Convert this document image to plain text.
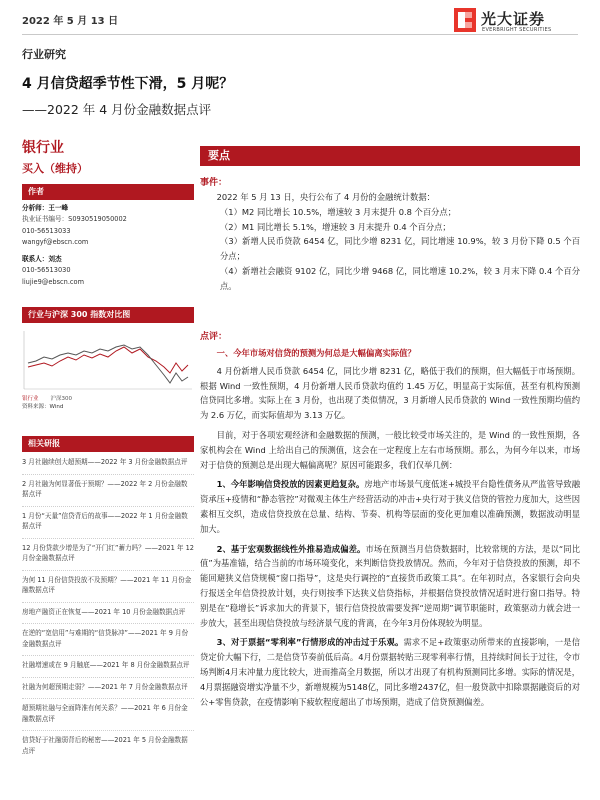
2022 年 5 月 13 日	光大证券
EVERBRIGHT SECURITIES
行业研究
4 月信贷超季节性下滑，5 月呢？
——2022 年 4 月份金融数据点评
银行业
买入（维持）
作者
分析师：王一峰
执业证书编号：S0930519050002
010-56513033
wangyf@ebscn.com
联系人：刘杰
010-56513030
liujie9@ebscn.com
行业与沪深 300 指数对比图
银行业 沪深300
资料来源：Wind
相关研报
3 月社融续创大超预期——2022 年 3 月份金融数据点评
2 月社融为何显著低于预期？——2022 年 2 月份金融数据点评
1 月份“天量”信贷背后的故事——2022 年 1 月份金融数据点评
12 月份贷款少增是为了“开门红”蓄力吗？——2021 年 12 月份金融数据点评
为何 11 月份信贷投放不及预期？——2021 年 11 月份金融数据点评
房地产融资正在恢复——2021 年 10 月份金融数据点评
在逆的“宽信用”与难期的“信贷脉冲”——2021 年 9 月份金融数据点评
社融增速或在 9 月触底——2021 年 8 月份金融数据点评
社融为何超预期走弱？——2021 年 7 月份金融数据点评
超预期社融与全面降准有何关系？——2021 年 6 月份金融数据点评
信贷好于社融弱背后的秘密——2021 年 5 月份金融数据点评
要点
事件：
2022 年 5 月 13 日，央行公布了 4 月份的金融统计数据：
（1）M2 同比增长 10.5%，增速较 3 月末提升 0.8 个百分点；
（2）M1 同比增长 5.1%，增速较 3 月末提升 0.4 个百分点；
（3）新增人民币贷款 6454 亿，同比少增 8231 亿，同比增速 10.9%，较 3 月份下降 0.5 个百分点；
（4）新增社会融资 9102 亿，同比少增 9468 亿，同比增速 10.2%，较 3 月末下降 0.4 个百分点。
点评：
一、今年市场对信贷的预测为何总是大幅偏离实际值？
4 月份新增人民币贷款 6454 亿，同比少增 8231 亿，略低于我们的预期，但大幅低于市场预期。根据 Wind 一致性预期，4 月份新增人民币贷款均值约 1.45 万亿，明显高于实际值，甚至有机构预测信贷同比多增。实际上在 3 月份，也出现了类似情况，3 月新增人民币贷款的 Wind 一致性预期均值约为 2.6 万亿，而实际值却为 3.13 万亿。
目前，对于各项宏观经济和金融数据的预测，一般比较受市场关注的，是 Wind 的一致性预期，各家机构会在 Wind 上给出自己的预测值，这会在一定程度上左右市场预期。那么，为何今年以来，市场对于信贷的预测总是出现大幅偏离呢？原因可能跟多，我们仅举几例：
1、今年影响信贷投放的因素更趋复杂。房地产市场景气度低迷+城投平台隐性债务从严监管导致融资承压+疫情和“静态管控”对微观主体生产经营活动的冲击+央行对于狭义信贷的管控力度加大，这些因素相互交织，造成信贷投放在总量、结构、节奏、机构等层面的变化更加难以准确预测，数据波动明显加大。
2、基于宏观数据线性外推易造成偏差。市场在预测当月信贷数据时，比较常规的方法，是以“同比值”为基准锚，结合当前的市场环境变化，来判断信贷投放情况。然而，今年对于信贷投放的预测，却不能回避狭义信贷规模“窗口指导”，这是央行调控的“直接货币政策工具”。在年初时点，各家银行会向央行报送全年信贷投放计划，央行则按季下达狭义信贷指标，并根据信贷投放情况适时进行窗口指导。特别是在“稳增长”诉求加大的背景下，银行信贷投放需要发挥“逆周期”调节职能时，政策驱动力就会进一步放大，甚至出现信贷投放与经济景气度的背离，在今年3月份体现较为明显。
3、对于票据“零利率”行情形成的冲击过于乐观。需求不足+政策驱动所带来的直接影响，一是信贷定价大幅下行，二是信贷节奏前低后高。4月份票据转贴三现零利率行情，且持续时间长于过往，令市场判断4月末冲量力度比较大，进而推高全月数据，所以才出现了有机构预测同比多增。实际的情况是，4月票据融资增实净量不少，新增规模为5148亿，同比多增2437亿，但一般贷款中扣除票据融资后的对公+零售贷款，在疫情影响下疲软程度超出了市场预期，造成了信贷预测偏差。
